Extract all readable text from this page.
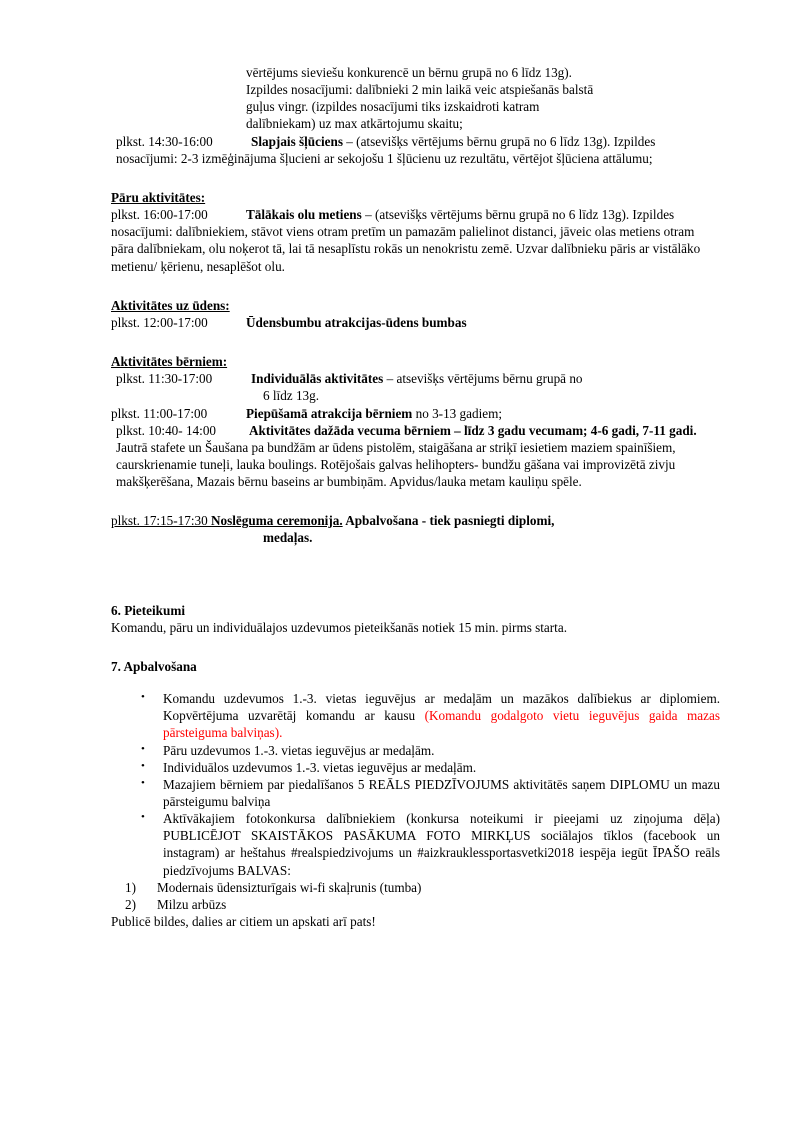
vērtējums sieviešu konkurencē un bērnu grupā no 6 līdz 13g).

Izpildes nosacījumi: dalībnieki 2 min laikā veic atspiešanās balstā

guļus vingr. (izpildes nosacījumi tiks izskaidroti katram

dalībniekam) uz max atkārtojumu skaitu;

plkst. 14:30-16:00	Slapjais šļūciens – (atsevišķs vērtējums bērnu grupā no 6 līdz 13g). Izpildes nosacījumi: 2-3 izmēģinājuma šļucieni ar sekojošu 1 šļūcienu uz rezultātu, vērtējot šļūciena attālumu;

Pāru aktivitātes:

plkst. 16:00-17:00	Tālākais olu metiens – (atsevišķs vērtējums bērnu grupā no 6 līdz 13g). Izpildes nosacījumi: dalībniekiem, stāvot viens otram pretīm un pamazām palielinot distanci, jāveic olas metiens otram pāra dalībniekam, olu noķerot tā, lai tā nesaplīstu rokās un nenokristu zemē. Uzvar dalībnieku pāris ar vistālāko metienu/ ķērienu, nesaplēšot olu.

Aktivitātes uz ūdens:

plkst. 12:00-17:00	Ūdensbumbu atrakcijas-ūdens bumbas

Aktivitātes bērniem:

plkst. 11:30-17:00	Individuālās aktivitātes – atsevišķs vērtējums bērnu grupā no

6 līdz 13g.

plkst. 11:00-17:00	Piepūšamā atrakcija bērniem no 3-13 gadiem;
plkst. 10:40- 14:00 Aktivitātes dažāda vecuma bērniem – līdz 3 gadu vecumam; 4-6 gadi, 7-11 gadi. Jautrā stafete un Šaušana pa bundžām ar ūdens pistolēm, staigāšana ar striķī iesietiem maziem spainīšiem, caurskrienamie tuneļi, lauka boulings. Rotējošais galvas helihopters- bundžu gāšana vai improvizētā zivju makšķerēšana, Mazais bērnu baseins ar bumbiņām. Apvidus/lauka metam kauliņu spēle.
plkst. 17:15-17:30 Noslēguma ceremonija. Apbalvošana - tiek pasniegti diplomi,

medaļas.

6. Pieteikumi

Komandu, pāru un individuālajos uzdevumos pieteikšanās notiek 15 min. pirms starta.

7. Apbalvošana

• Komandu uzdevumos 1.-3. vietas ieguvējus ar medaļām un mazākos dalībiekus ar diplomiem. Kopvērtējuma uzvarētāj komandu ar kausu (Komandu godalgoto vietu ieguvējus gaida mazas pārsteiguma balviņas).
• Pāru uzdevumos 1.-3. vietas ieguvējus ar medaļām.
• Individuālos uzdevumos 1.-3. vietas ieguvējus ar medaļām.
• Mazajiem bērniem par piedalīšanos 5 REĀLS PIEDZĪVOJUMS aktivitātēs saņem DIPLOMU un mazu pārsteigumu balviņa
• Aktīvākajiem fotokonkursa dalībniekiem (konkursa noteikumi ir pieejami uz ziņojuma dēļa) PUBLICĒJOT SKAISTĀKOS PASĀKUMA FOTO MIRKĻUS sociālajos tīklos (facebook un instagram) ar heštahus #realspiedzivojums un #aizkrauklessportasvetki2018 iespēja iegūt ĪPAŠO reāls piedzīvojums BALVAS:
Modernais ūdensizturīgais wi-fi skaļrunis (tumba)
Milzu arbūzs

Publicē bildes, dalies ar citiem un apskati arī pats!
